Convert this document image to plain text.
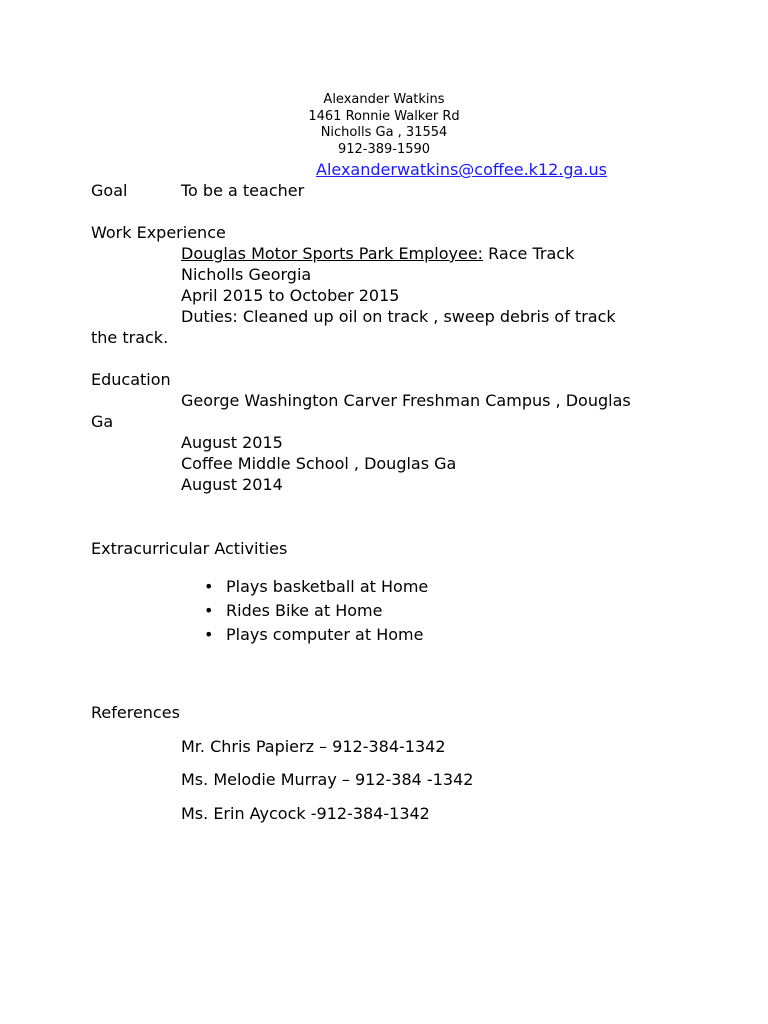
Alexander Watkins
1461 Ronnie Walker Rd
Nicholls Ga , 31554
912-389-1590
Alexanderwatkins@coffee.k12.ga.us
Goal	To be a teacher
Work Experience
Douglas Motor Sports Park Employee: Race Track
Nicholls Georgia
April 2015 to October 2015
Duties: Cleaned up oil on track , sweep debris of track
the track.
Education
George Washington Carver Freshman Campus , Douglas
Ga
August 2015
Coffee Middle School , Douglas Ga
August 2014
Extracurricular Activities
• Plays basketball at Home
• Rides Bike at Home
• Plays computer at Home
References
Mr. Chris Papierz – 912-384-1342
Ms. Melodie Murray – 912-384 -1342
Ms. Erin Aycock -912-384-1342
